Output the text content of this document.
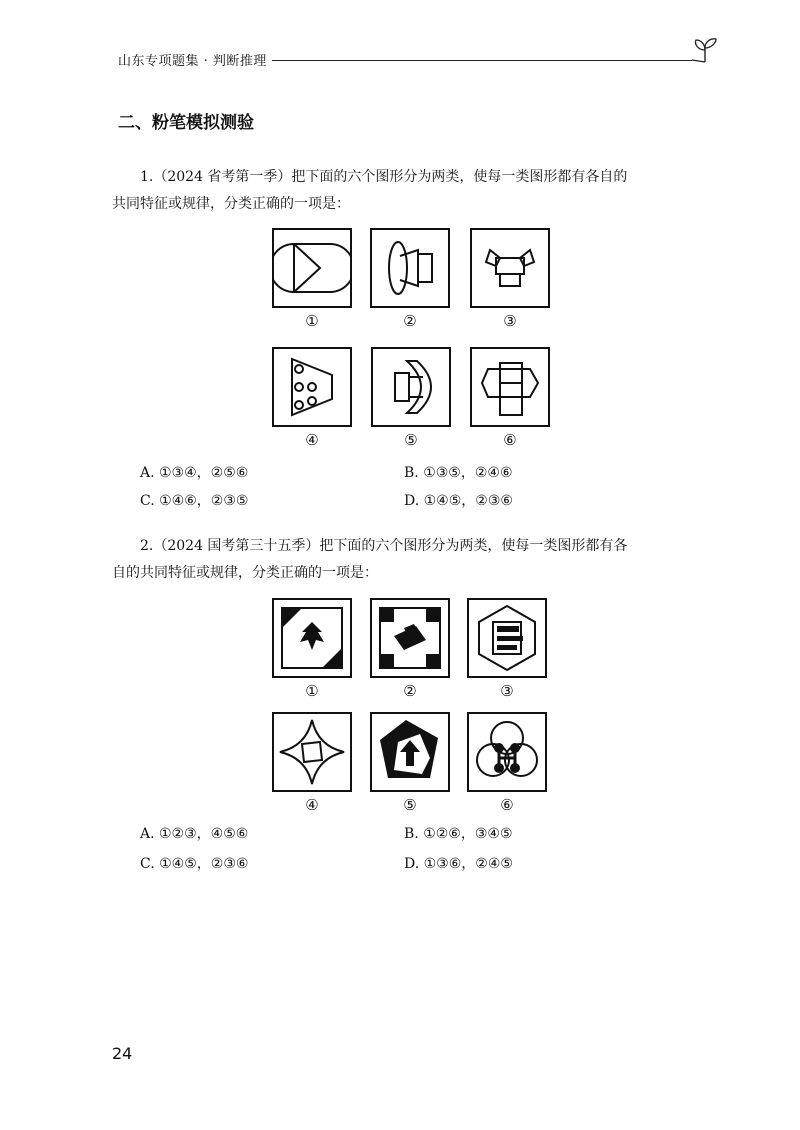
山东专项题集 · 判断推理
二、粉笔模拟测验
1.（2024 省考第一季）把下面的六个图形分为两类，使每一类图形都有各自的
共同特征或规律，分类正确的一项是：
①	②	③
④	⑤	⑥
A. ①③④，②⑤⑥	B. ①③⑤，②④⑥
C. ①④⑥，②③⑤	D. ①④⑤，②③⑥
2.（2024 国考第三十五季）把下面的六个图形分为两类，使每一类图形都有各
自的共同特征或规律，分类正确的一项是：
①	②	③
④	⑤	⑥
A. ①②③，④⑤⑥	B. ①②⑥，③④⑤
C. ①④⑤，②③⑥	D. ①③⑥，②④⑤
24
